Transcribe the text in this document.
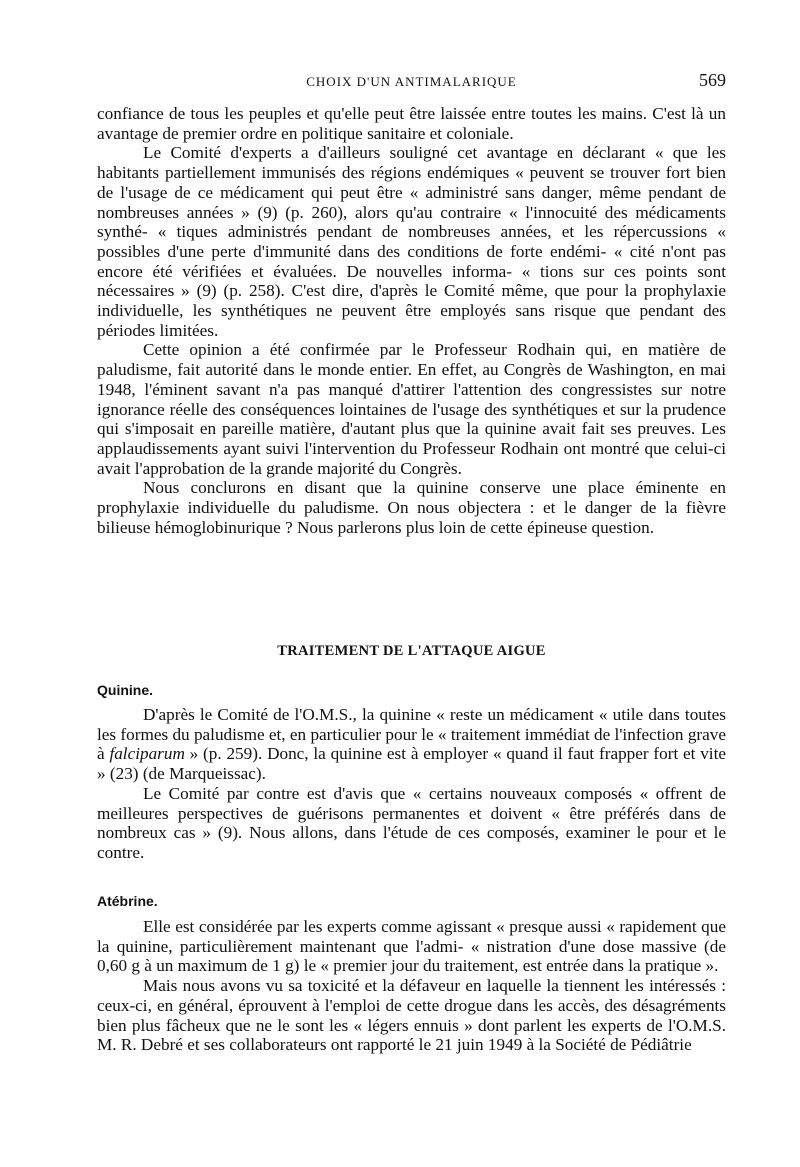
CHOIX D'UN ANTIMALARIQUE	569

confiance de tous les peuples et qu'elle peut être laissée entre toutes les mains. C'est là un avantage de premier ordre en politique sanitaire et coloniale.

Le Comité d'experts a d'ailleurs souligné cet avantage en déclarant « que les habitants partiellement immunisés des régions endémiques « peuvent se trouver fort bien de l'usage de ce médicament qui peut être « administré sans danger, même pendant de nombreuses années » (9) (p. 260), alors qu'au contraire « l'innocuité des médicaments synthé- « tiques administrés pendant de nombreuses années, et les répercussions « possibles d'une perte d'immunité dans des conditions de forte endémi- « cité n'ont pas encore été vérifiées et évaluées. De nouvelles informa- « tions sur ces points sont nécessaires » (9) (p. 258). C'est dire, d'après le Comité même, que pour la prophylaxie individuelle, les synthétiques ne peuvent être employés sans risque que pendant des périodes limitées.

Cette opinion a été confirmée par le Professeur Rodhain qui, en matière de paludisme, fait autorité dans le monde entier. En effet, au Congrès de Washington, en mai 1948, l'éminent savant n'a pas manqué d'attirer l'attention des congressistes sur notre ignorance réelle des conséquences lointaines de l'usage des synthétiques et sur la prudence qui s'imposait en pareille matière, d'autant plus que la quinine avait fait ses preuves. Les applaudissements ayant suivi l'intervention du Professeur Rodhain ont montré que celui-ci avait l'approbation de la grande majorité du Congrès.

Nous conclurons en disant que la quinine conserve une place éminente en prophylaxie individuelle du paludisme. On nous objectera : et le danger de la fièvre bilieuse hémoglobinurique ? Nous parlerons plus loin de cette épineuse question.

TRAITEMENT DE L'ATTAQUE AIGUE
Quinine.

D'après le Comité de l'O.M.S., la quinine « reste un médicament « utile dans toutes les formes du paludisme et, en particulier pour le « traitement immédiat de l'infection grave à falciparum » (p. 259). Donc, la quinine est à employer « quand il faut frapper fort et vite » (23) (de Marqueissac).

Le Comité par contre est d'avis que « certains nouveaux composés « offrent de meilleures perspectives de guérisons permanentes et doivent « être préférés dans de nombreux cas » (9). Nous allons, dans l'étude de ces composés, examiner le pour et le contre.

Atébrine.

Elle est considérée par les experts comme agissant « presque aussi « rapidement que la quinine, particulièrement maintenant que l'admi- « nistration d'une dose massive (de 0,60 g à un maximum de 1 g) le « premier jour du traitement, est entrée dans la pratique ».

Mais nous avons vu sa toxicité et la défaveur en laquelle la tiennent les intéressés : ceux-ci, en général, éprouvent à l'emploi de cette drogue dans les accès, des désagréments bien plus fâcheux que ne le sont les « légers ennuis » dont parlent les experts de l'O.M.S. M. R. Debré et ses collaborateurs ont rapporté le 21 juin 1949 à la Société de Pédiâtrie
